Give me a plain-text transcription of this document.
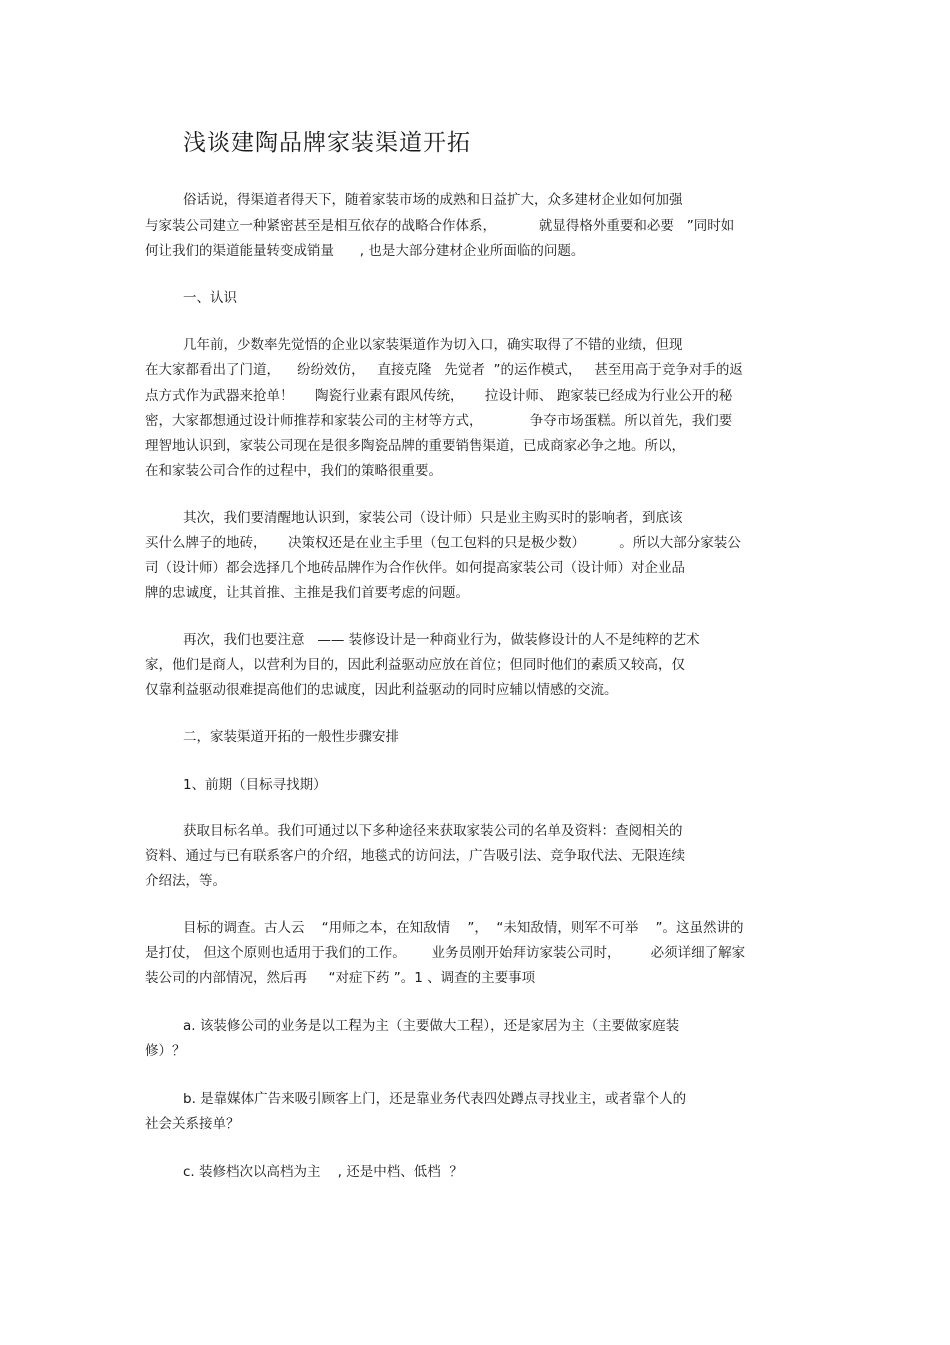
浅谈建陶品牌家装渠道开拓
俗话说，得渠道者得天下，随着家装市场的成熟和日益扩大，众多建材企业如何加强
与家装公司建立一种紧密甚至是相互依存的战略合作体系，          就显得格外重要和必要   ”同时如
何让我们的渠道能量转变成销量      , 也是大部分建材企业所面临的问题。
一、认识
几年前，少数率先觉悟的企业以家装渠道作为切入口，确实取得了不错的业绩，但现
在大家都看出了门道，    纷纷效仿，   直接克隆   先觉者  ”的运作模式，   甚至用高于竞争对手的返
点方式作为武器来抢单！     陶瓷行业素有跟风传统，     拉设计师、 跑家装已经成为行业公开的秘
密，大家都想通过设计师推荐和家装公司的主材等方式，           争夺市场蛋糕。所以首先，我们要
理智地认识到，家装公司现在是很多陶瓷品牌的重要销售渠道，已成商家必争之地。所以，
在和家装公司合作的过程中，我们的策略很重要。
其次，我们要清醒地认识到，家装公司（设计师）只是业主购买时的影响者，到底该
买什么牌子的地砖，     决策权还是在业主手里（包工包料的只是极少数）        。所以大部分家装公
司（设计师）都会选择几个地砖品牌作为合作伙伴。如何提高家装公司（设计师）对企业品
牌的忠诚度，让其首推、主推是我们首要考虑的问题。
再次，我们也要注意   —— 装修设计是一种商业行为，做装修设计的人不是纯粹的艺术
家，他们是商人，以营利为目的，因此利益驱动应放在首位；但同时他们的素质又较高，仅
仅靠利益驱动很难提高他们的忠诚度，因此利益驱动的同时应辅以情感的交流。
二，家装渠道开拓的一般性步骤安排
1、前期（目标寻找期）
获取目标名单。我们可通过以下多种途径来获取家装公司的名单及资料：查阅相关的
资料、通过与已有联系客户的介绍，地毯式的访问法，广告吸引法、竞争取代法、无限连续
介绍法，等。
目标的调查。古人云    “用师之本，在知敌情    ”，  “未知敌情，则军不可举    ”。这虽然讲的
是打仗， 但这个原则也适用于我们的工作。      业务员刚开始拜访家装公司时，       必须详细了解家
装公司的内部情况，然后再     “对症下药 ”。1 、调查的主要事项
a. 该装修公司的业务是以工程为主（主要做大工程），还是家居为主（主要做家庭装
修）？
b. 是靠媒体广告来吸引顾客上门，还是靠业务代表四处蹲点寻找业主，或者靠个人的
社会关系接单？
c. 装修档次以高档为主    , 还是中档、低档  ？
